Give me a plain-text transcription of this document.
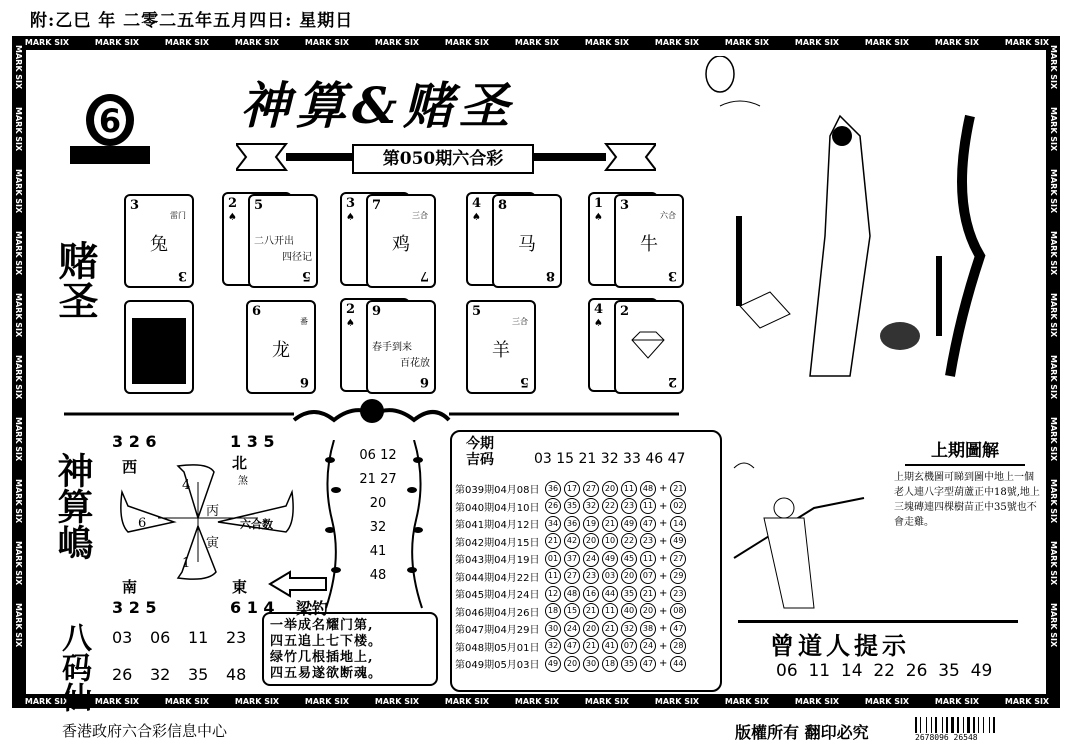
附:乙巳 年 二零二五年五月四日: 星期日
MARK SIX	MARK SIX	MARK SIX	MARK SIX	MARK SIX	MARK SIX	MARK SIX	MARK SIX	MARK SIX	MARK SIX	MARK SIX	MARK SIX	MARK SIX	MARK SIX	MARK SIX
MARK SIX	MARK SIX	MARK SIX	MARK SIX	MARK SIX	MARK SIX	MARK SIX	MARK SIX	MARK SIX	MARK SIX	MARK SIX	MARK SIX	MARK SIX	MARK SIX	MARK SIX
MARK SIX
MARK SIX
MARK SIX
MARK SIX
MARK SIX
MARK SIX
MARK SIX
MARK SIX
MARK SIX
MARK SIX
MARK SIX
MARK SIX
MARK SIX
MARK SIX
MARK SIX
MARK SIX
MARK SIX
MARK SIX
MARK SIX
MARK SIX
6 神算&赌圣
第050期六合彩
赌圣
神算嶋
3 2 6	1 3 5
西	北
煞
4
6
1
丙
寅
六合数
南	東
3 2 5	6 1 4
八码仙 03 06 11 23
26 32 35 48
06 12
21 27
20
32
41
48
梁钓
一举成名耀门第,
四五追上七下楼。
绿竹几根插地上,
四五易遂欲断魂。
今期
吉码	03 15 21 32 33 46 47
第039期04月08日	36	17	27	20	11	48 + 21
第040期04月10日	26	35	32	22	23	11 + 02
第041期04月12日	34	36	19	21	49	47 + 14
第042期04月15日	21	42	20	10	22	23 + 49
第043期04月19日	01	37	24	49	45	11 + 27
第044期04月22日	11	27	23	03	20	07 + 29
第045期04月24日	12	48	16	44	35	21 + 23
第046期04月26日	18	15	21	11	40	20 + 08
第047期04月29日	30	24	20	21	32	38 + 47
第048期05月01日	32	47	21	41	07	24 + 28
第049期05月03日	49	20	30	18	35	47 + 44
上期圖解
上期玄機圖可睇到圖中地上一個老人連八字型葫蘆正中18號,地上三塊磚連四棵樹苗正中35號也不會走雞。
曾道人提示
06  11  14  22  26  35  49
香港政府六合彩信息中心	版權所有 翻印必究	2678096 26548
3
雷门
兔
3
2
♠
5
二八开出
四径记
5
3
♠
7
三合
鸡
7
4
♠
8
马
8
1
♠
3
六合
牛
3
7	6
番
龙
6
2
♠
9
春手到来
百花放
6
5
三合
羊
5
4
♠
2
2
